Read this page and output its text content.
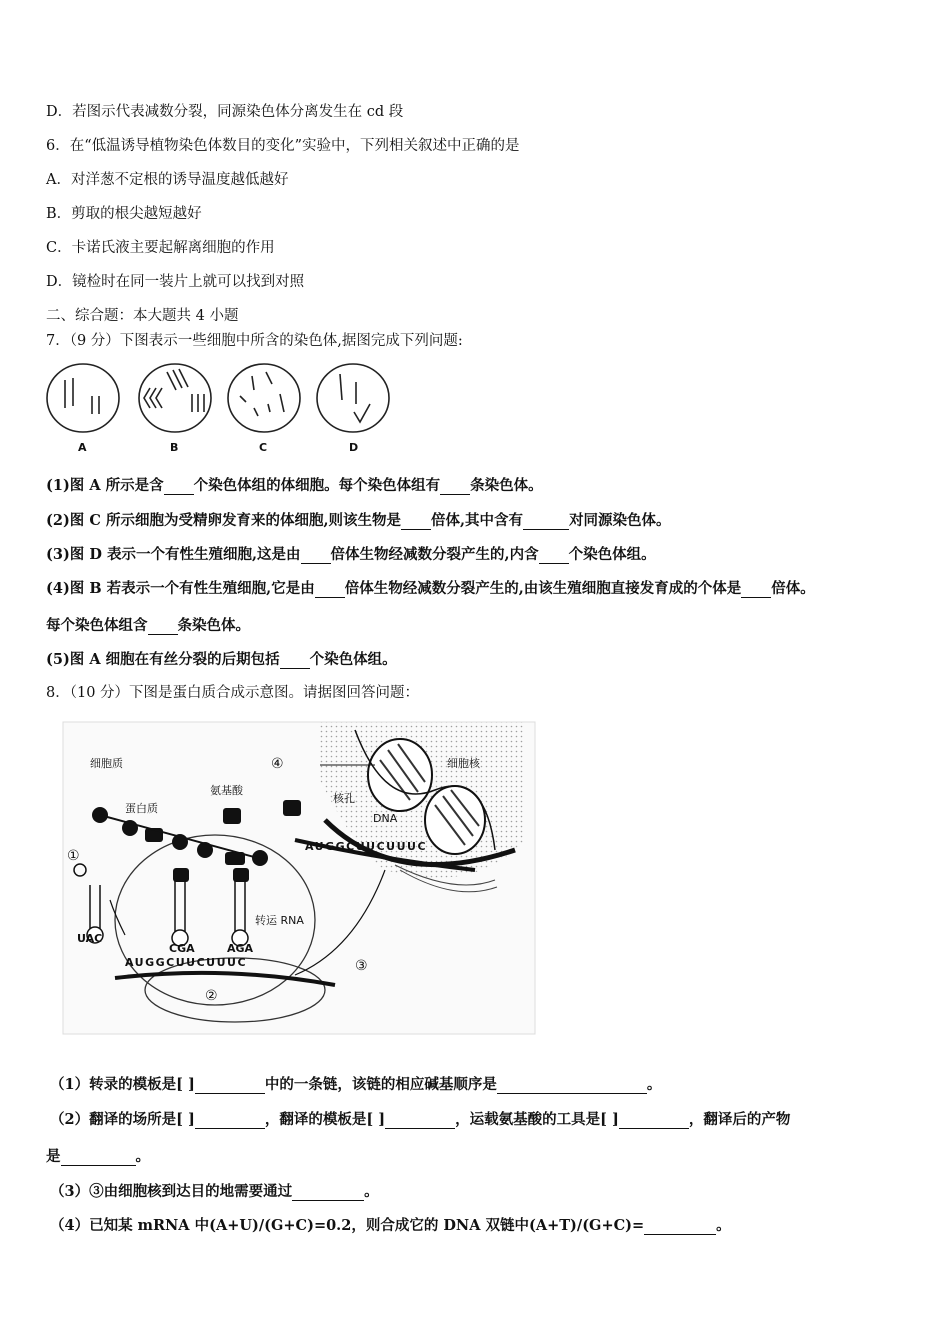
D．若图示代表减数分裂，同源染色体分离发生在 cd 段
6．在“低温诱导植物染色体数目的变化”实验中，下列相关叙述中正确的是
A．对洋葱不定根的诱导温度越低越好
B．剪取的根尖越短越好
C．卡诺氏液主要起解离细胞的作用
D．镜检时在同一装片上就可以找到对照
二、综合题：本大题共 4 小题
7．（9 分）下图表示一些细胞中所含的染色体,据图完成下列问题:
A	B	C	D
(1)图 A 所示是含 个染色体组的体细胞。每个染色体组有 条染色体。
(2)图 C 所示细胞为受精卵发育来的体细胞,则该生物是 倍体,其中含有	对同源染色体。
(3)图 D 表示一个有性生殖细胞,这是由 倍体生物经减数分裂产生的,内含 个染色体组。
(4)图 B 若表示一个有性生殖细胞,它是由 倍体生物经减数分裂产生的,由该生殖细胞直接发育成的个体是 倍体。
每个染色体组含 条染色体。
(5)图 A 细胞在有丝分裂的后期包括 个染色体组。
8．（10 分）下图是蛋白质合成示意图。请据图回答问题：
细胞质	细胞核
蛋白质
氨基酸
核孔
DNA
转运 RNA
①
②
③
④
UAC
CGA	AGA
AUGGCUUCUUUC
AUGGCUUCUUUC
（1）转录的模板是[ ]	中的一条链，该链的相应碱基顺序是	。
（2）翻译的场所是[ ]	，翻译的模板是[ ]	，运载氨基酸的工具是[ ]	，翻译后的产物
是	。
（3）③由细胞核到达目的地需要通过	。
（4）已知某 mRNA 中(A+U)/(G+C)=0.2，则合成它的 DNA 双链中(A+T)/(G+C)=	。
